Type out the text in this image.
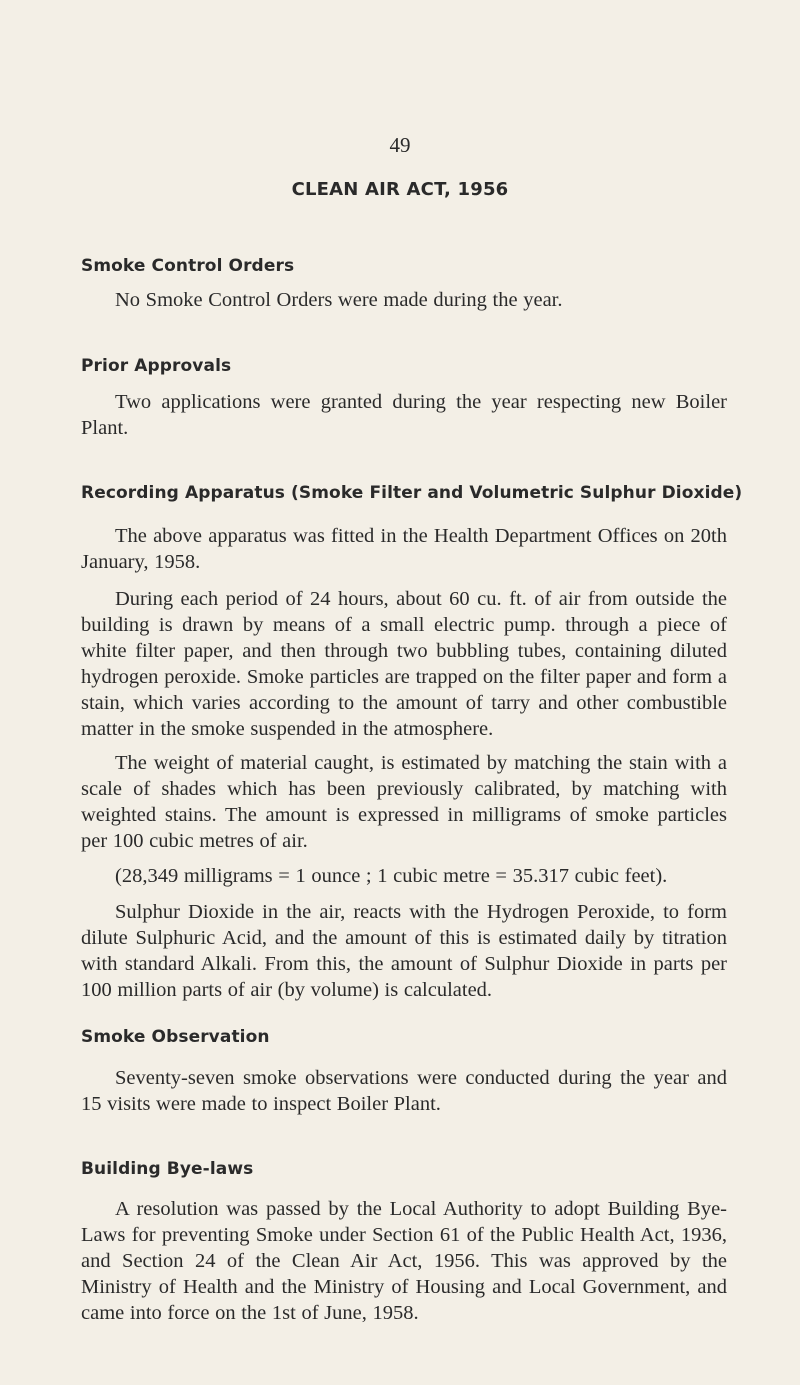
49
CLEAN AIR ACT, 1956
Smoke Control Orders

No Smoke Control Orders were made during the year.

Prior Approvals

Two applications were granted during the year respecting new Boiler Plant.

Recording Apparatus (Smoke Filter and Volumetric Sulphur Dioxide)

The above apparatus was fitted in the Health Department Offices on 20th January, 1958.

During each period of 24 hours, about 60 cu. ft. of air from outside the building is drawn by means of a small electric pump. through a piece of white filter paper, and then through two bubbling tubes, containing diluted hydrogen peroxide. Smoke particles are trapped on the filter paper and form a stain, which varies according to the amount of tarry and other combustible matter in the smoke suspended in the atmosphere.

The weight of material caught, is estimated by matching the stain with a scale of shades which has been previously calibrated, by matching with weighted stains. The amount is expressed in milligrams of smoke particles per 100 cubic metres of air.

(28,349 milligrams = 1 ounce ; 1 cubic metre = 35.317 cubic feet).

Sulphur Dioxide in the air, reacts with the Hydrogen Peroxide, to form dilute Sulphuric Acid, and the amount of this is estimated daily by titration with standard Alkali. From this, the amount of Sulphur Dioxide in parts per 100 million parts of air (by volume) is calculated.

Smoke Observation

Seventy-seven smoke observations were conducted during the year and 15 visits were made to inspect Boiler Plant.

Building Bye-laws

A resolution was passed by the Local Authority to adopt Building Bye-Laws for preventing Smoke under Section 61 of the Public Health Act, 1936, and Section 24 of the Clean Air Act, 1956. This was approved by the Ministry of Health and the Ministry of Housing and Local Government, and came into force on the 1st of June, 1958.
